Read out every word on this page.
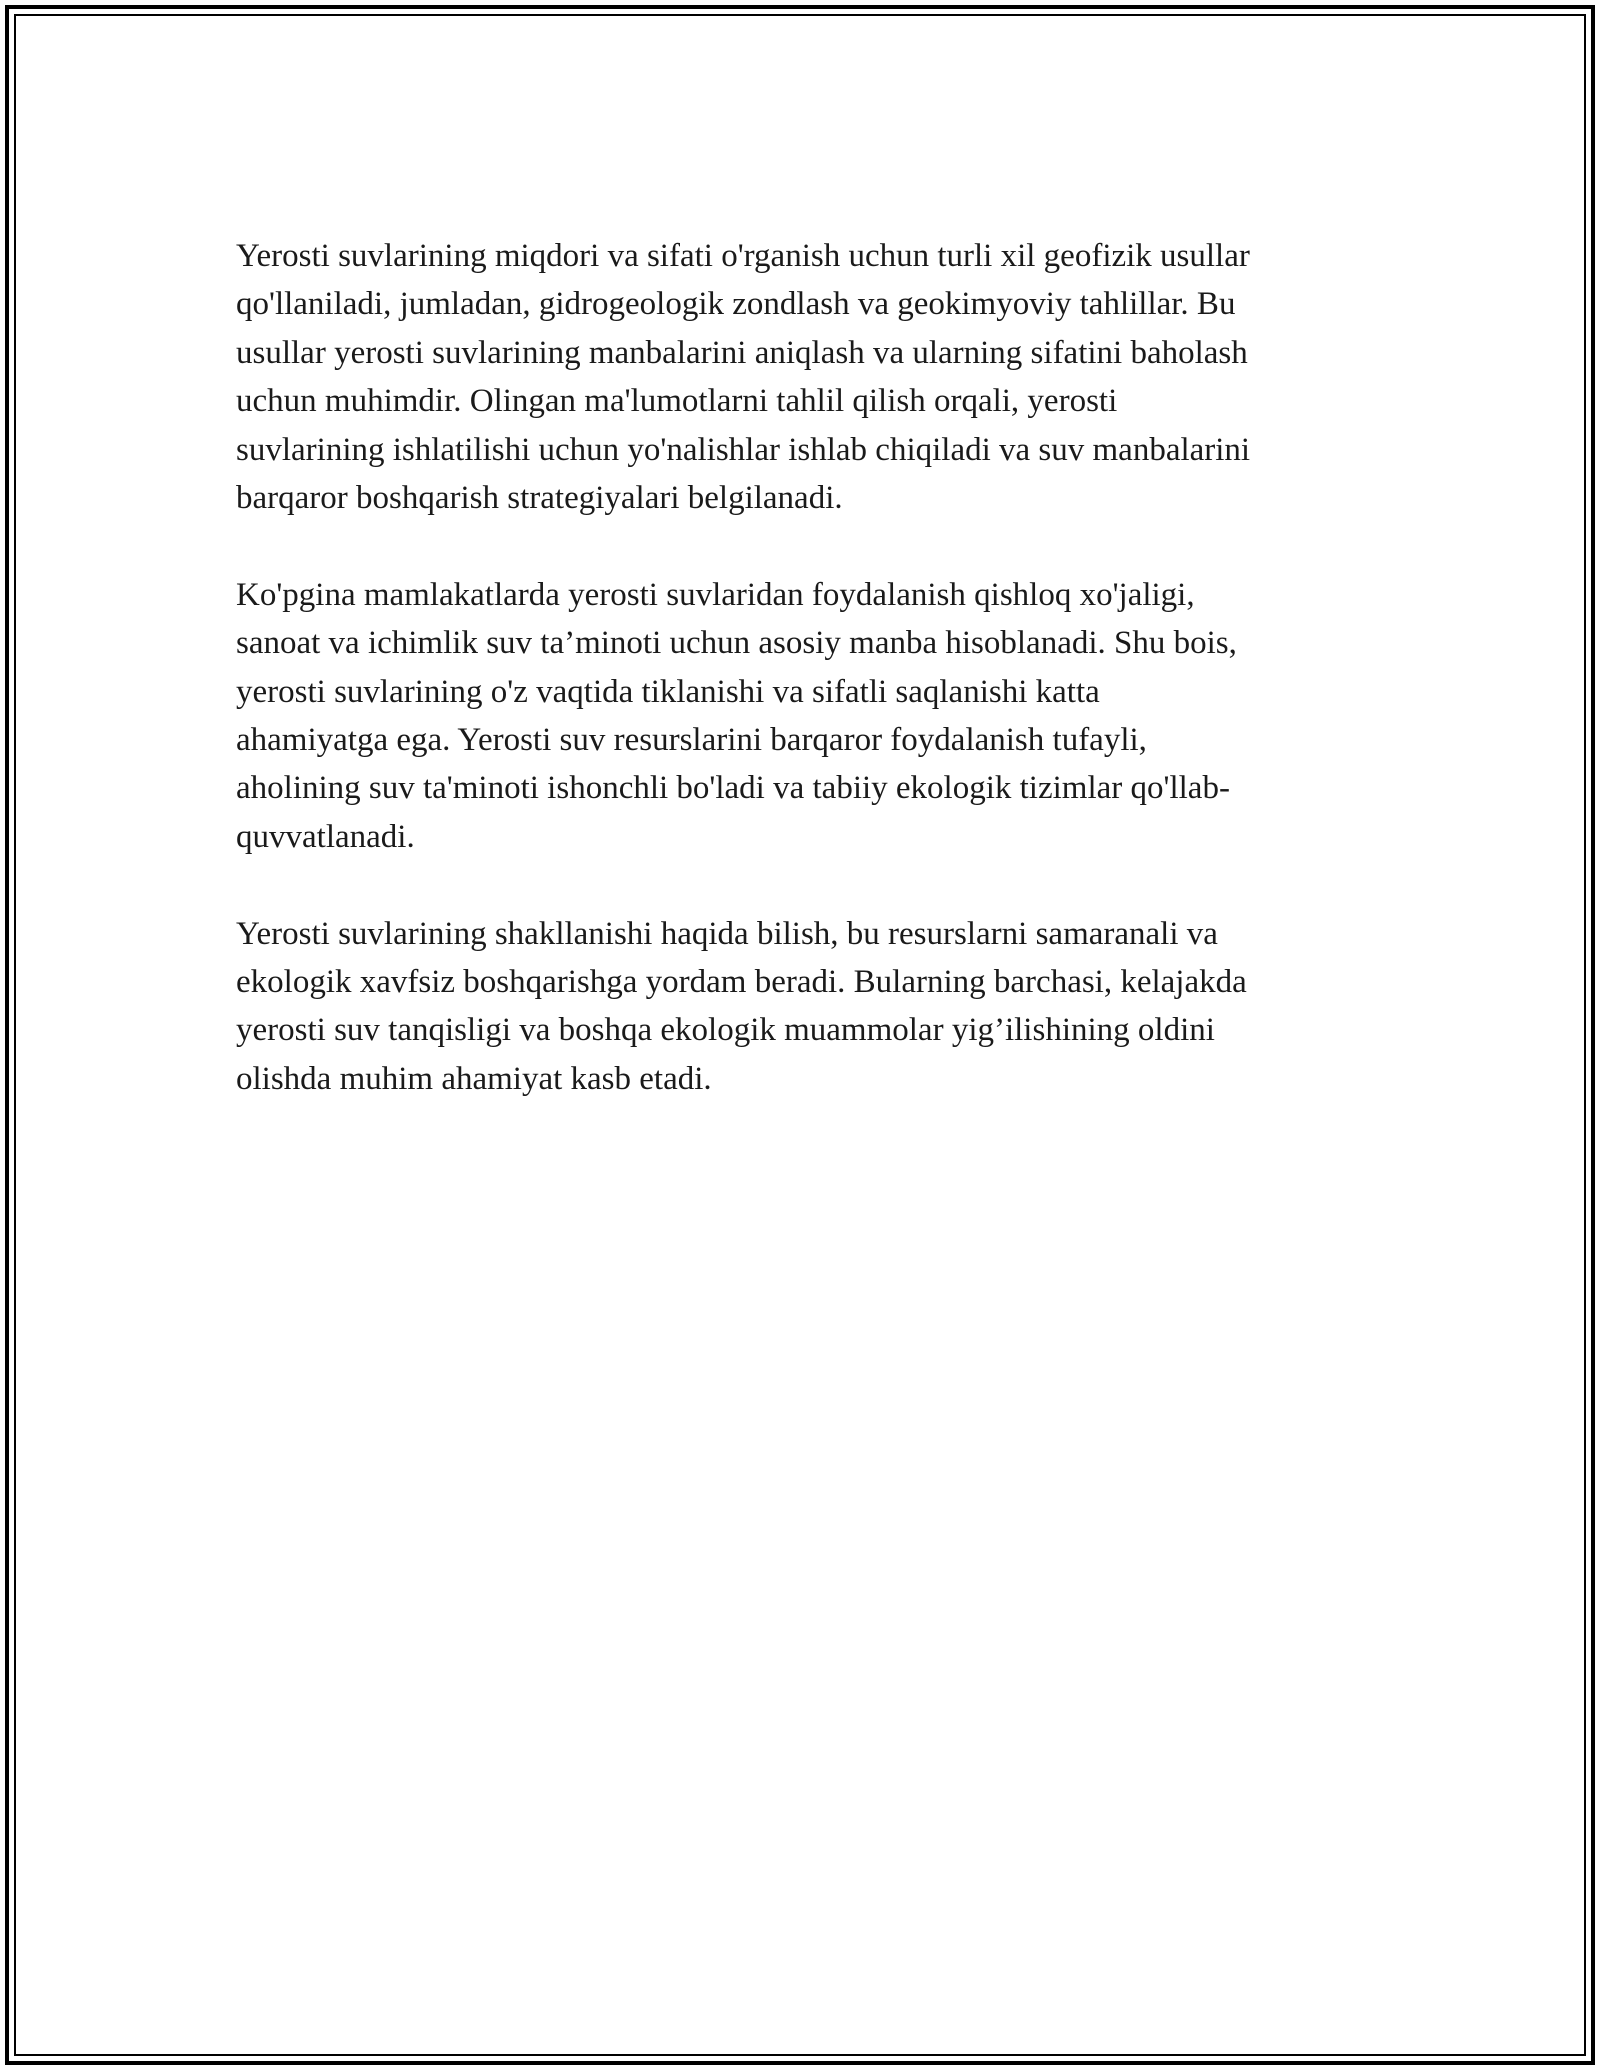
Yerosti suvlarining miqdori va sifati o'rganish uchun turli xil geofizik usullar
qo'llaniladi, jumladan, gidrogeologik zondlash va geokimyoviy tahlillar. Bu
usullar yerosti suvlarining manbalarini aniqlash va ularning sifatini baholash
uchun muhimdir. Olingan ma'lumotlarni tahlil qilish orqali, yerosti
suvlarining ishlatilishi uchun yo'nalishlar ishlab chiqiladi va suv manbalarini
barqaror boshqarish strategiyalari belgilanadi.

Ko'pgina mamlakatlarda yerosti suvlaridan foydalanish qishloq xo'jaligi,
sanoat va ichimlik suv ta’minoti uchun asosiy manba hisoblanadi. Shu bois,
yerosti suvlarining o'z vaqtida tiklanishi va sifatli saqlanishi katta
ahamiyatga ega. Yerosti suv resurslarini barqaror foydalanish tufayli,
aholining suv ta'minoti ishonchli bo'ladi va tabiiy ekologik tizimlar qo'llab-
quvvatlanadi.

Yerosti suvlarining shakllanishi haqida bilish, bu resurslarni samaranali va
ekologik xavfsiz boshqarishga yordam beradi. Bularning barchasi, kelajakda
yerosti suv tanqisligi va boshqa ekologik muammolar yig’ilishining oldini
olishda muhim ahamiyat kasb etadi.
